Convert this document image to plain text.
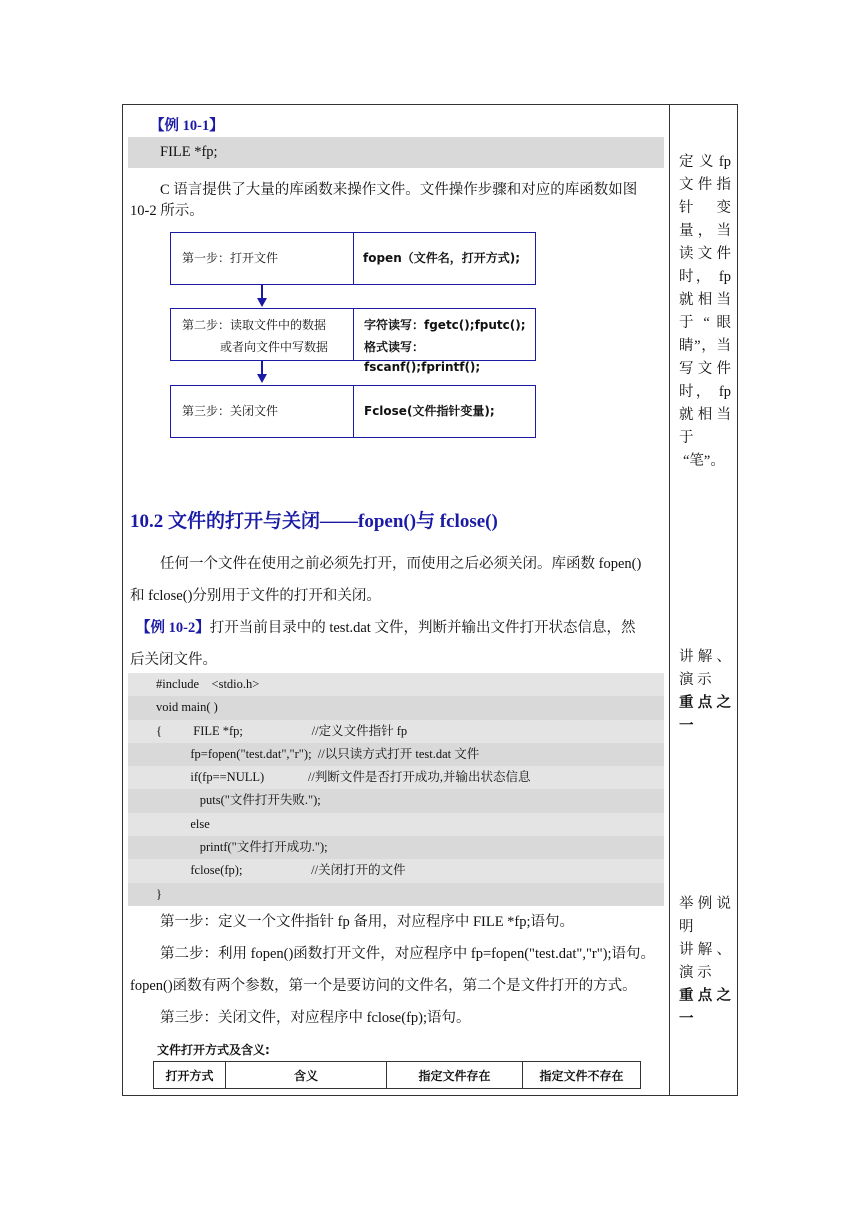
【例 10-1】
FILE *fp;
C 语言提供了大量的库函数来操作文件。文件操作步骤和对应的库函数如图
10-2 所示。
第一步：打开文件	fopen（文件名，打开方式);
第二步：读取文件中的数据
或者向文件中写数据
字符读写：fgetc();fputc();
格式读写：fscanf();fprintf();
第三步：关闭文件	Fclose(文件指针变量);
10.2 文件的打开与关闭——fopen()与 fclose()
任何一个文件在使用之前必须先打开，而使用之后必须关闭。库函数 fopen()
和 fclose()分别用于文件的打开和关闭。
【例 10-2】打开当前目录中的 test.dat 文件，判断并输出文件打开状态信息，然
后关闭文件。
#include    <stdio.h>
void main( )
{          FILE *fp;                      //定义文件指针 fp
fp=fopen("test.dat","r");  //以只读方式打开 test.dat 文件
if(fp==NULL)              //判断文件是否打开成功,并输出状态信息
puts("文件打开失败.");
else
printf("文件打开成功.");
fclose(fp);                      //关闭打开的文件
}
第一步：定义一个文件指针 fp 备用，对应程序中 FILE *fp;语句。
第二步：利用 fopen()函数打开文件，对应程序中 fp=fopen("test.dat","r");语句。
fopen()函数有两个参数，第一个是要访问的文件名，第二个是文件打开的方式。
第三步：关闭文件，对应程序中 fclose(fp);语句。
文件打开方式及含义:
打开方式	含义	指定文件存在	指定文件不存在
定 义 fp
文 件 指
针　 变
量，当
读 文 件
时， fp
就 相 当
于 “ 眼
睛”，当
写 文 件
时， fp
就 相 当
于
“笔”。
讲 解 、
演 示
重 点 之
一
举 例 说
明
讲 解 、
演 示
重 点 之
一
